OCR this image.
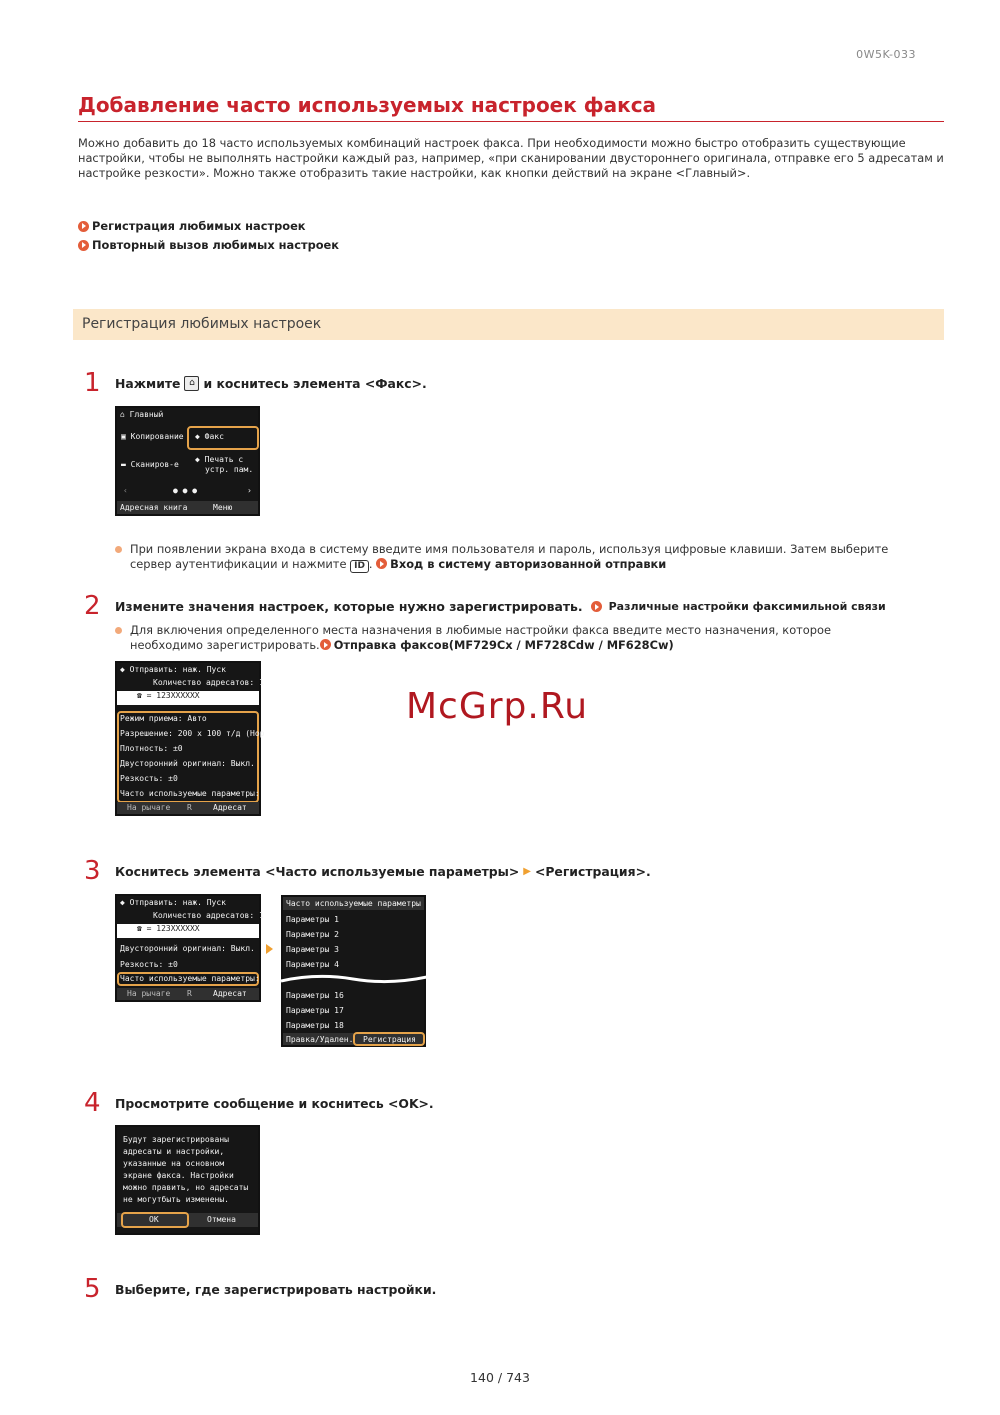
0W5K-033
Добавление часто используемых настроек факса
Можно добавить до 18 часто используемых комбинаций настроек факса. При необходимости можно быстро отобразить существующие настройки, чтобы не выполнять настройки каждый раз, например, «при сканировании двустороннего оригинала, отправке его 5 адресатам и настройке резкости». Можно также отобразить такие настройки, как кнопки действий на экране <Главный>.
Регистрация любимых настроек
Повторный вызов любимых настроек
Регистрация любимых настроек
1 Нажмите ⌂ и коснитесь элемента <Факс>.
⌂ Главный
▣ Копирование ◆ Факс
▬ Сканиров-е
◆ Печать с
устр. пам.
‹	● ● ●	›
Адресная книга	Меню
При появлении экрана входа в систему введите имя пользователя и пароль, используя цифровые клавиши. Затем выберите
сервер аутентификации и нажмите ID . Вход в систему авторизованной отправки
2 Измените значения настроек, которые нужно зарегистрировать. Различные настройки факсимильной связи
Для включения определенного места назначения в любимые настройки факса введите место назначения, которое
необходимо зарегистрировать. Отправка факсов(MF729Cx / MF728Cdw / MF628Cw)
◆ Отправить: наж. Пуск
Количество адресатов: 1
☎ = 123XXXXXX
Режим приема: Авто
Разрешение: 200 x 100 т/д (Нор
Плотность: ±0
Двусторонний оригинал: Выкл.
Резкость: ±0
Часто используемые параметры:
На рычаге R	Адресат
McGrp.Ru
3 Коснитесь элемента <Часто используемые параметры> ▶ <Регистрация>.
◆ Отправить: наж. Пуск
Количество адресатов: 1
☎ = 123XXXXXX
Двусторонний оригинал: Выкл.
Резкость: ±0
Часто используемые параметры:
На рычаге R	Адресат
Часто используемые параметры
Параметры 1
Параметры 2
Параметры 3
Параметры 4
Параметры 16
Параметры 17
Параметры 18
Правка/Удален. Регистрация
4 Просмотрите сообщение и коснитесь <OK>.
Будут зарегистрированы
адресаты и настройки,
указанные на основном
экране факса. Настройки
можно править, но адресаты
не могутбыть изменены.
OK	Отмена
5 Выберите, где зарегистрировать настройки.
140 / 743
